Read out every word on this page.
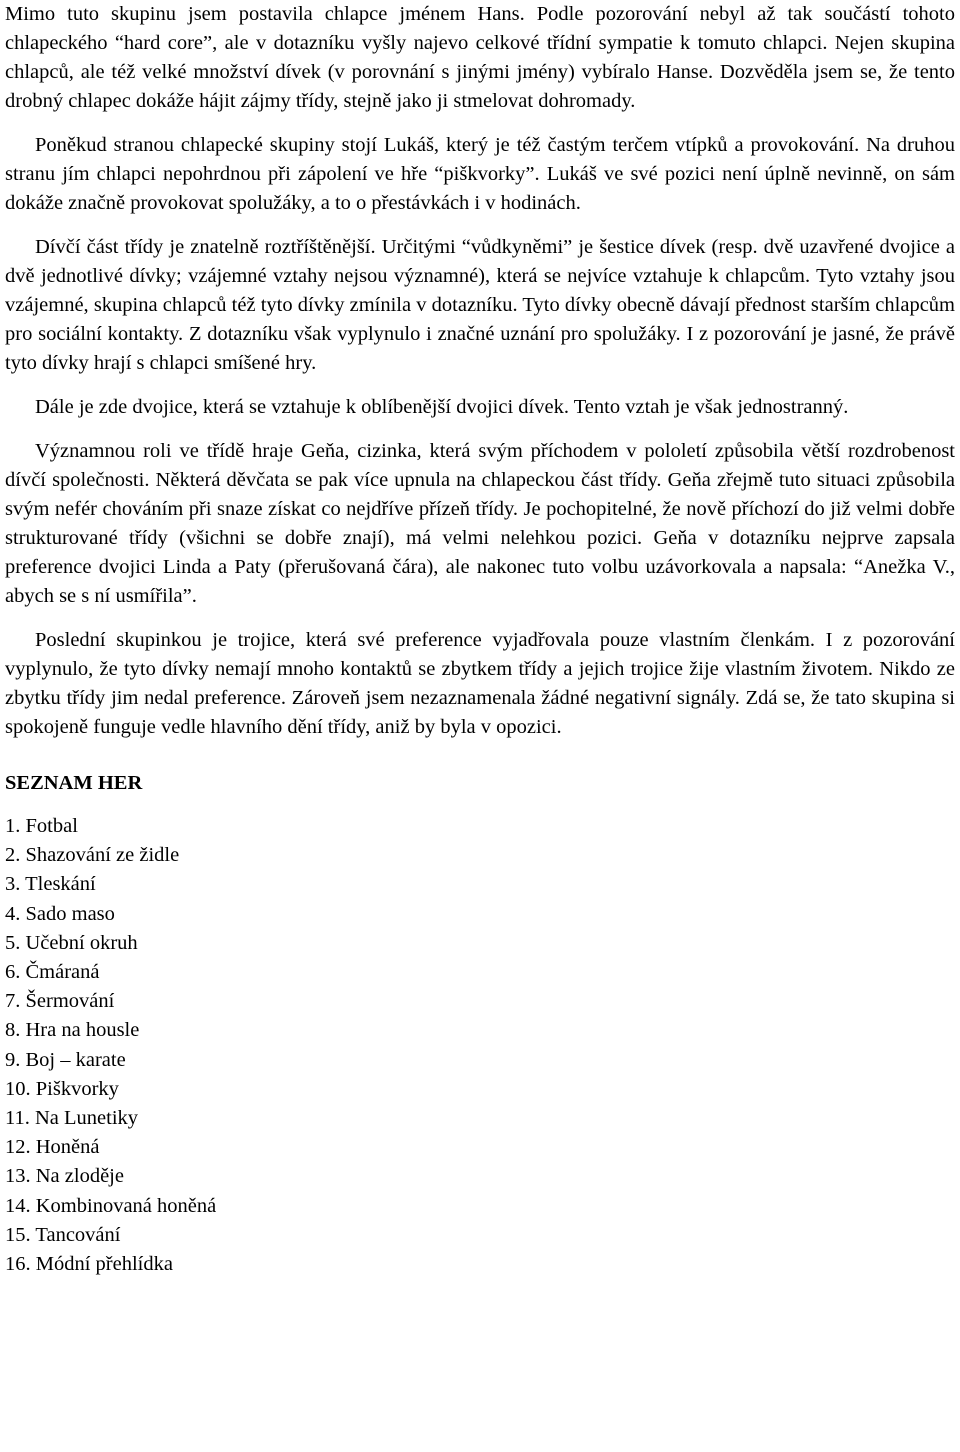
Mimo tuto skupinu jsem postavila chlapce jménem Hans. Podle pozorování nebyl až tak součástí tohoto chlapeckého “hard core”, ale v dotazníku vyšly najevo celkové třídní sympatie k tomuto chlapci. Nejen skupina chlapců, ale též velké množství dívek (v porovnání s jinými jmény) vybíralo Hanse. Dozvěděla jsem se, že tento drobný chlapec dokáže hájit zájmy třídy, stejně jako ji stmelovat dohromady.

Poněkud stranou chlapecké skupiny stojí Lukáš, který je též častým terčem vtípků a provokování. Na druhou stranu jím chlapci nepohrdnou při zápolení ve hře “piškvorky”. Lukáš ve své pozici není úplně nevinně, on sám dokáže značně provokovat spolužáky, a to o přestávkách i v hodinách.

Dívčí část třídy je znatelně roztříštěnější. Určitými “vůdkyněmi” je šestice dívek (resp. dvě uzavřené dvojice a dvě jednotlivé dívky; vzájemné vztahy nejsou významné), která se nejvíce vztahuje k chlapcům. Tyto vztahy jsou vzájemné, skupina chlapců též tyto dívky zmínila v dotazníku. Tyto dívky obecně dávají přednost starším chlapcům pro sociální kontakty. Z dotazníku však vyplynulo i značné uznání pro spolužáky. I z pozorování je jasné, že právě tyto dívky hrají s chlapci smíšené hry.

Dále je zde dvojice, která se vztahuje k oblíbenější dvojici dívek. Tento vztah je však jednostranný.

Významnou roli ve třídě hraje Geňa, cizinka, která svým příchodem v pololetí způsobila větší rozdrobenost dívčí společnosti. Některá děvčata se pak více upnula na chlapeckou část třídy. Geňa zřejmě tuto situaci způsobila svým nefér chováním při snaze získat co nejdříve přízeň třídy. Je pochopitelné, že nově příchozí do již velmi dobře strukturované třídy (všichni se dobře znají), má velmi nelehkou pozici. Geňa v dotazníku nejprve zapsala preference dvojici Linda a Paty (přerušovaná čára), ale nakonec tuto volbu uzávorkovala a napsala: “Anežka V., abych se s ní usmířila”.

Poslední skupinkou je trojice, která své preference vyjadřovala pouze vlastním členkám. I z pozorování vyplynulo, že tyto dívky nemají mnoho kontaktů se zbytkem třídy a jejich trojice žije vlastním životem. Nikdo ze zbytku třídy jim nedal preference. Zároveň jsem nezaznamenala žádné negativní signály. Zdá se, že tato skupina si spokojeně funguje vedle hlavního dění třídy, aniž by byla v opozici.

SEZNAM HER
1. Fotbal
2. Shazování ze židle
3. Tleskání
4. Sado maso
5. Učební okruh
6. Čmáraná
7. Šermování
8. Hra na housle
9. Boj – karate
10. Piškvorky
11. Na Lunetiky
12. Honěná
13. Na zloděje
14. Kombinovaná honěná
15. Tancování
16. Módní přehlídka
